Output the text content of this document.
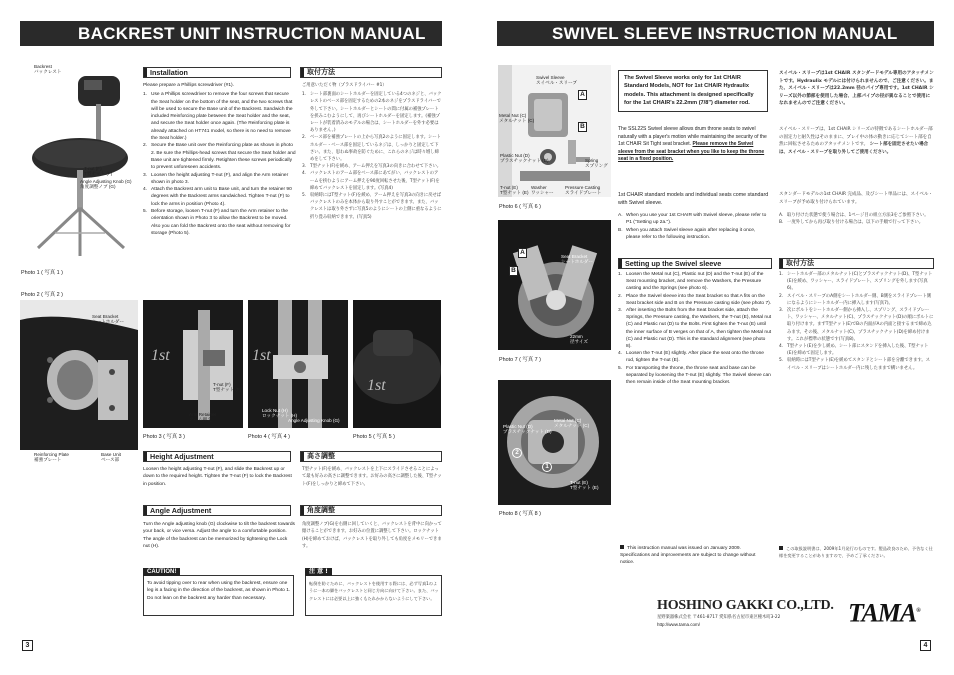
BACKREST UNIT INSTRUCTION MANUAL
Backrest
バックレスト
T-nut (F)
T型ナット (F)
Angle Adjusting Knob (G)
角度調整ノブ (G)
Photo 1 ( 写真 1 )
Photo 2 ( 写真 2 )
Seat Bracket
シートホルダー
Reinforcing Plate
補強プレート
Base Unit
ベース部
1st
T-nut (F)
T型ナット (F)
Arm Retainer
アーム押え
Photo 3 ( 写真 3 )
1st
Lock Nut (H)
ロックナット (H)
Angle Adjusting Knob (G)
Photo 4 ( 写真 4 )
1st
Photo 5 ( 写真 5 )
Installation	取付方法
Please prepare a Phillips screwdriver (#1).
1. Use a Phillips screwdriver to remove the four screws that secure the Seat holder on the bottom of the seat, and the two screws that will be used to secure the Base unit of the Backrest. Sandwich the included Reinforcing plate between the Seat holder and the seat, and secure the Seat holder once again. (The Reinforcing plate is already attached on HT741 model, so there is no need to remove the Seat holder.)
2. Secure the Base unit over the Reinforcing plate as shown in photo 2. Be sure the Phillips-head screws that secure the Seat holder and Base unit are tightened firmly. Retighten these screws periodically to prevent unforeseen accidents.
3. Loosen the height adjusting T-nut (F), and align the Arm retainer shown in photo 3.
4. Attach the Backrest arm unit to Base unit, and turn the retainer 90 degrees with the Backrest arms sandwiched. Tighten T-nut (F) to lock the arms in position (Photo 4).
5. Before storage, loosen T-nut (F) and turn the Arm retainer to the orientation shown in Photo 3 to allow the Backrest to be moved. Also you can fold the Backrest onto the seat without removing for storage (Photo 5).
ご用意いただく物（プラスドライバー #1）
1. シート部裏面のシートホルダーを固定している4つのネジと、バックレストのベース部を固定するための2本のネジをプラスドライバーで外して下さい。シートホルダーとシートの間に付属の補強プレートを挟みこむようにして、再びシートホルダーを固定します。(補強プレートが装着済みのモデルの場合は、シートホルダーを外す必要はありません。)
2. ベース部を補強プレートの上から写真2のように固定します。シートホルダー・ベース部を固定しているネジは、しっかりと固定して下さい。また、思わぬ事故を防ぐために、これらのネジは時々増し締めをして下さい。
3. T型ナット(F)を緩め、アーム押えを写真3の向きに合わせて下さい。
4. バックレストのアーム部をベース部にあてがい、バックレストのアームを挟むようにアーム押えを90度回転させた後、T型ナット(F)を締めてバックレストを固定します。(写真4)
5. 収納時にはT型ナット(F)を緩め、アーム押えを写真3の向きに戻せばバックレストのみを本体から取り外すことができます。また、バックレストは取り外さずに写真5のようにシートの上側に重なるように折り畳み収納できます。(写真5)
Height Adjustment	高さ調整
Loosen the height adjusting T-nut (F), and slide the Backrest up or down to the required height. Tighten the T-nut (F) to lock the Backrest in position.
T型ナット(F)を緩め、バックレストを上下にスライドさせることによって最も好みの高さに調整できます。お好みの高さに調整した後、T型ナット(F)をしっかりと締めて下さい。
Angle Adjustment	角度調整
Turn the Angle adjusting knob (G) clockwise to tilt the backrest towards your back, or vice versa. Adjust the angle to a comfortable position. The angle of the backrest can be memorized by tightening the Lock nut (H).
角度調整ノブ(G)を右側に回していくと、バックレストを背中に向かって傾けることができます。お好みの位置に調整して下さい。ロックナット(H)を締めておけば、バックレストを取り外しても角度をメモリーできます。
CAUTION!
To avoid tipping over to rear when using the backrest, ensure one leg is a facing in the direction of the backrest, as shown in Photo 1. Do not lean on the backrest any harder than necessary.
注 意 !
転倒を防ぐために、バックレストを使用する際には、必ず写真1のように一本の脚をバックレストと同じ方向に向けて下さい。また、バックレストには必要以上に強くもたれかからないようにして下さい。
3
SWIVEL SLEEVE INSTRUCTION MANUAL
Swivel Sleeve
スイベル・スリーブ
Metal Nut (C)
メタルナット (C)
Plastic Nut (D)
プラスチックナット (D)	Spring
スプリング
T-nut (E)
T型ナット (E)
Washer
ワッシャー
Pressure Casting
スライドプレート
A
B
Photo 6 ( 写真 6 )
Seat Bracket
シートホルダー
22mm
径サイズ
A
B
Photo 7 ( 写真 7 )
Plastic Nut (D)
プラスチックナット (D)
Metal Nut (C)
メタルナット (C)
T-nut (E)
T型ナット (E)
2
1
Photo 8 ( 写真 8 )
The Swivel Sleeve works only for 1st CHAIR Standard Models, NOT for 1st CHAIR Hydraulix models. This attachment is designed specifically for the 1st CHAIR's 22.2mm (7/8") diameter rod.
スイベル・スリーブは1st CHAIR スタンダードモデル専用のアタッチメントです。Hydraulix モデルには付けられませんので、ご注意ください。また、スイベル・スリーブは22.2mm 径のパイプ専用です。1st CHAIR シリーズ以外の節部を使用した場合、上部パイプの径が異なることで使用になれませんのでご注意ください。
The SSL22S Swivel sleeve allows drum throne seats to swivel naturally with a player's motion while maintaining the security of the 1st CHAIR Sit Tight seat bracket. Please remove the Swivel sleeve from the seat bracket when you like to keep the throne seat in a fixed position.
スイベル・スリーブは、1st CHAIR シリーズの特徴であるシートホルダー部の固定力と耐久性はそのままに、プレイ中の体の動きに応じてシート部を自然に回転させるためのアタッチメントです。 シート部を固定させたい場合は、スイベル・スリーブを取り外してご使用ください。
1st CHAIR standard models and individual seats come standard with Swivel sleeve.
A. When you use your 1st CHAIR with Swivel sleeve, please refer to P1 ("Setting up 2a.").
B. When you attach Swivel sleeve again after replacing it once, please refer to the following instruction.
スタンダードモデルの1st CHAIR 完成品、及びシート単品には、スイベル・スリーブが予め取り付けられています。
A. 取り付けた状態で使う場合は、1ページ目の組立方法3をご参照下さい。
B. 一度外してから再び取り付ける場合は、以下の手順で行って下さい。
Setting up the Swivel sleeve	取付方法
1. Loosen the Metal nut (C), Plastic nut (D) and the T-nut (E) of the Seat mounting bracket, and remove the Washers, the Pressure casting and the Springs (see photo 6).
2. Place the Swivel sleeve into the Seat bracket so that A fits on the Seat bracket side and B on the Pressure casting side (see photo 7).
3. After inserting the Bolts from the Seat bracket side, attach the Springs, the Pressure casting, the Washers, the T-nut (E), Metal nut (C) and Plastic nut (D) to the Bolts. First tighten the T-nut (E) until the inner surface of B verges on that of A, then tighten the Metal nut (C) and Plastic nut (D). This is the standard alignment (see photo 8).
4. Loosen the T-nut (E) slightly. After place the seat onto the throne rod, tighten the T-nut (E).
5. For transporting the throne, the throne seat and base can be separated by loosening the T-nut (E) slightly. The Swivel sleeve can then remain inside of the Seat mounting bracket.
1. シートホルダー部のメタルナット(C)とプラスチックナット(D)、T型ナット(E)を緩め、ワッシャー、スライドプレート、スプリングを外します(写真6)。
2. スイベル・スリーブのA側をシートホルダー側、B側をスライドプレート側になるようにシートホルダー内に挿入します(写真7)。
3. 次にボルトをシートホルダー側から挿入し、スプリング、スライドプレート、ワッシャー、メタルナット(C)、プラスチックナット(D)の順にボルトに取り付けます。まずT型ナット(E)でBの内面がAの内面と接するまで締め込みます。その後、メタルナット(C)、プラスチックナット(D)を締め付けます。これが標準の状態です(写真8)。
4. T型ナット(E)を少し緩め、シート部にスタンドを挿入した後、T型ナット(E)を締めて固定します。
5. 収納時にはT型ナット(E)を緩めてスタンドとシート部を分離できます。スイベル・スリーブはシートホルダー内に残したままで構いません。
This instruction manual was issued on January 2009. Specifications and improvements are subject to change without notice.
この取扱説明書は、2009年1月発行のものです。製品改良のため、予告なく仕様を変更することがありますので、予めご了承ください。
HOSHINO GAKKI CO.,LTD.
星野楽器株式会社 〒461-8717 愛知県名古屋市東区橦木町3-22
http://www.tama.com/	TAMA®
4
